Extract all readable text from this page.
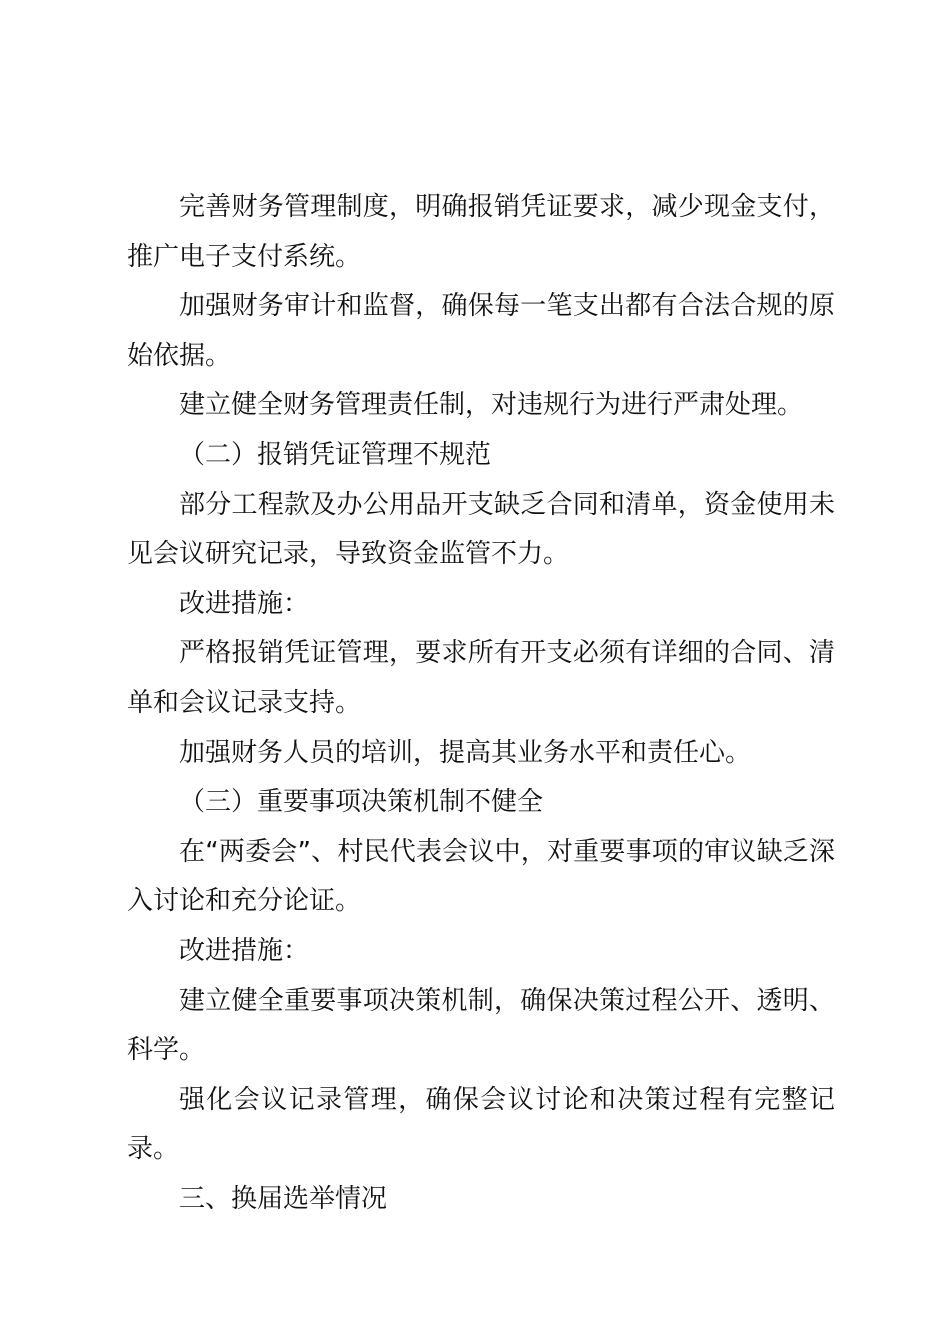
完善财务管理制度，明确报销凭证要求，减少现金支付，推广电子支付系统。

加强财务审计和监督，确保每一笔支出都有合法合规的原始依据。

建立健全财务管理责任制，对违规行为进行严肃处理。

（二）报销凭证管理不规范

部分工程款及办公用品开支缺乏合同和清单，资金使用未见会议研究记录，导致资金监管不力。

改进措施：

严格报销凭证管理，要求所有开支必须有详细的合同、清单和会议记录支持。

加强财务人员的培训，提高其业务水平和责任心。

（三）重要事项决策机制不健全

在“两委会”、村民代表会议中，对重要事项的审议缺乏深入讨论和充分论证。

改进措施：

建立健全重要事项决策机制，确保决策过程公开、透明、科学。

强化会议记录管理，确保会议讨论和决策过程有完整记录。

三、换届选举情况
